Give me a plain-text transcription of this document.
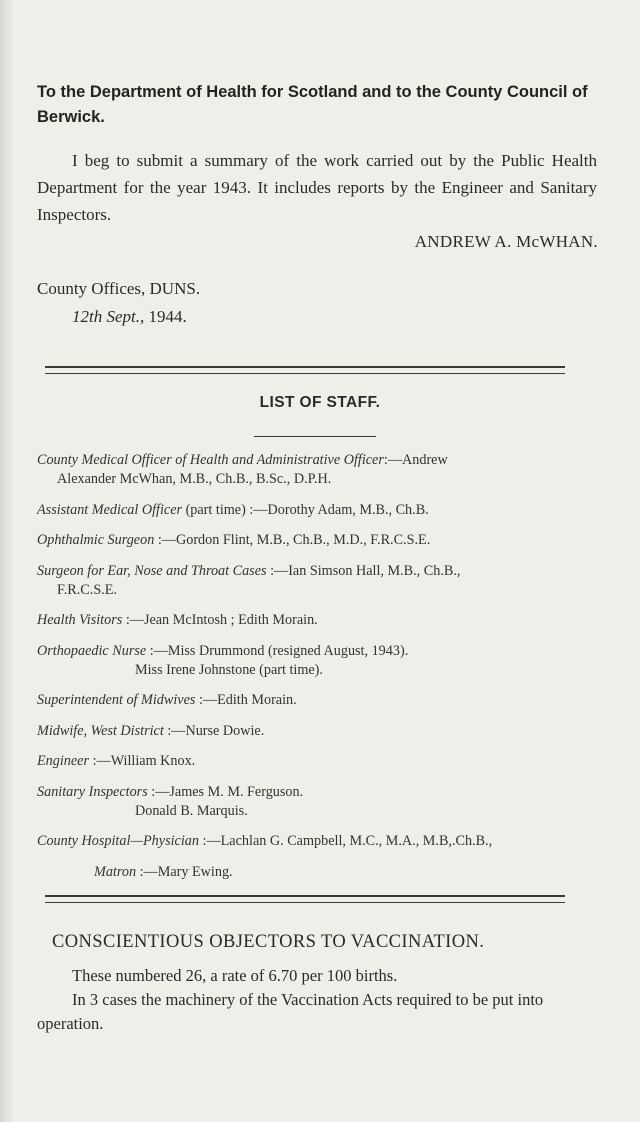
To the Department of Health for Scotland and to the County Council of Berwick.
I beg to submit a summary of the work carried out by the Public Health Department for the year 1943. It includes reports by the Engineer and Sanitary Inspectors.
ANDREW A. McWHAN.
County Offices, DUNS.
12th Sept., 1944.
LIST OF STAFF.
County Medical Officer of Health and Administrative Officer:—Andrew
Alexander McWhan, M.B., Ch.B., B.Sc., D.P.H.
Assistant Medical Officer (part time) :—Dorothy Adam, M.B., Ch.B.
Ophthalmic Surgeon :—Gordon Flint, M.B., Ch.B., M.D., F.R.C.S.E.
Surgeon for Ear, Nose and Throat Cases :—Ian Simson Hall, M.B., Ch.B.,
F.R.C.S.E.
Health Visitors :—Jean McIntosh ; Edith Morain.
Orthopaedic Nurse :—Miss Drummond (resigned August, 1943).
Miss Irene Johnstone (part time).
Superintendent of Midwives :—Edith Morain.
Midwife, West District :—Nurse Dowie.
Engineer :—William Knox.
Sanitary Inspectors :—James M. M. Ferguson.
Donald B. Marquis.
County Hospital—Physician :—Lachlan G. Campbell, M.C., M.A., M.B,.Ch.B.,
Matron :—Mary Ewing.
CONSCIENTIOUS OBJECTORS TO VACCINATION.

These numbered 26, a rate of 6.70 per 100 births.

In 3 cases the machinery of the Vaccination Acts required to be put into operation.
